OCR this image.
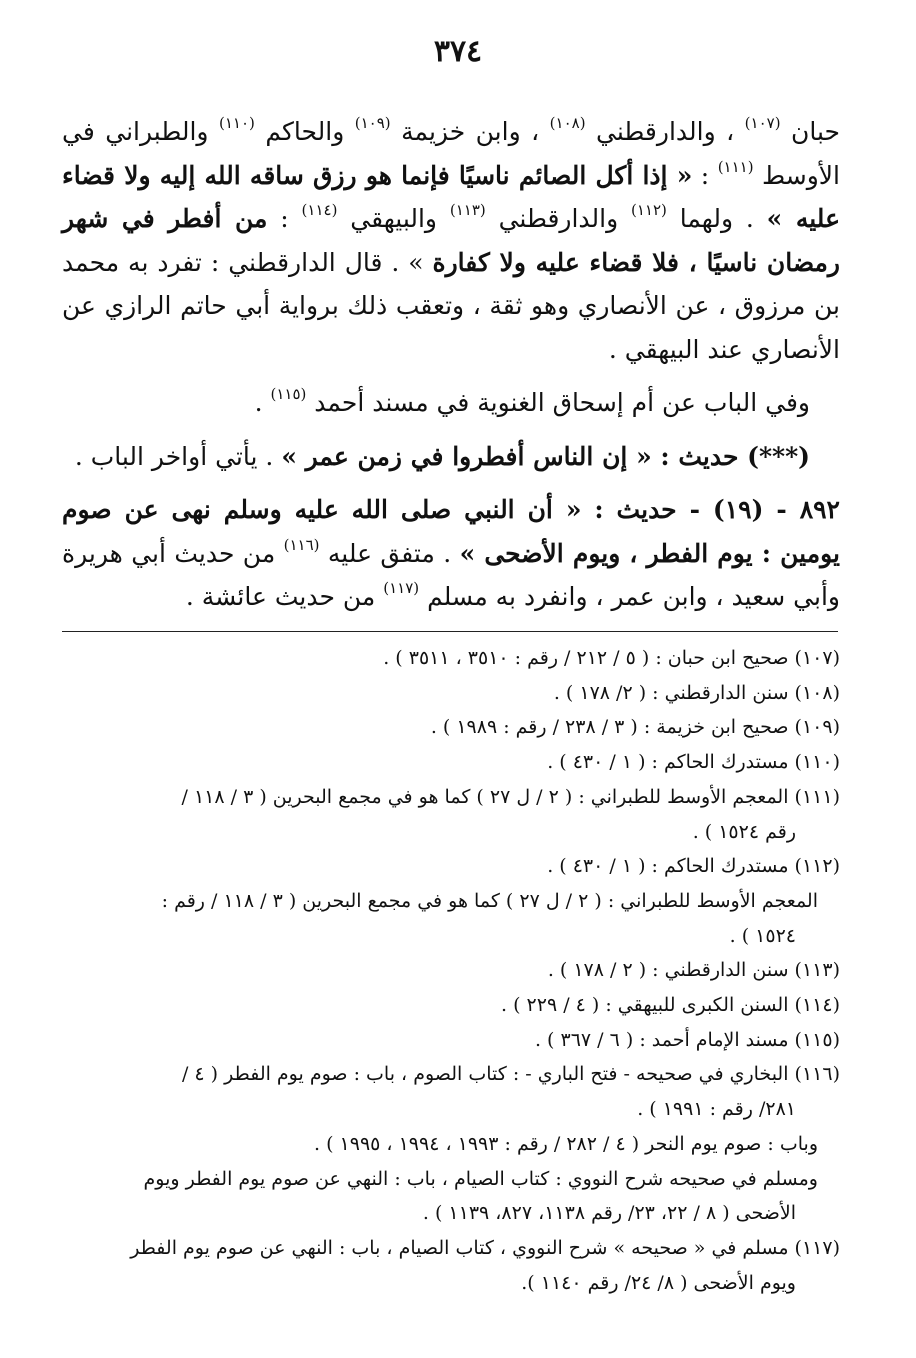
٣٧٤

حبان $^{(١٠٧)}$ ، والدارقطني $^{(١٠٨)}$ ، وابن خزيمة $^{(١٠٩)}$ والحاكم $^{(١١٠)}$ والطبراني في الأوسط $^{(١١١)}$ : « إذا أكل الصائم ناسيًا فإنما هو رزق ساقه الله إليه ولا قضاء عليه » . ولهما $^{(١١٢)}$ والدارقطني $^{(١١٣)}$ والبيهقي $^{(١١٤)}$ : من أفطر في شهر رمضان ناسيًا ، فلا قضاء عليه ولا كفارة » . قال الدارقطني : تفرد به محمد بن مرزوق ، عن الأنصاري وهو ثقة ، وتعقب ذلك برواية أبي حاتم الرازي عن الأنصاري عند البيهقي .

وفي الباب عن أم إسحاق الغنوية في مسند أحمد $^{(١١٥)}$ .

(***) حديث : « إن الناس أفطروا في زمن عمر » . يأتي أواخر الباب .

٨٩٢ - (١٩) - حديث : « أن النبي صلى الله عليه وسلم نهى عن صوم يومين : يوم الفطر ، ويوم الأضحى » . متفق عليه $^{(١١٦)}$ من حديث أبي هريرة وأبي سعيد ، وابن عمر ، وانفرد به مسلم $^{(١١٧)}$ من حديث عائشة .

(١٠٧) صحيح ابن حبان : ( ٥ / ٢١٢ / رقم : ٣٥١٠ ، ٣٥١١ ) .

(١٠٨) سنن الدارقطني : ( ٢/ ١٧٨ ) .

(١٠٩) صحيح ابن خزيمة : ( ٣ / ٢٣٨ / رقم : ١٩٨٩ ) .

(١١٠) مستدرك الحاكم : ( ١ / ٤٣٠ ) .

(١١١) المعجم الأوسط للطبراني : ( ٢ / ل ٢٧ ) كما هو في مجمع البحرين ( ٣ / ١١٨ /

رقم ١٥٢٤ ) .

(١١٢) مستدرك الحاكم : ( ١ / ٤٣٠ ) .

المعجم الأوسط للطبراني : ( ٢ / ل ٢٧ ) كما هو في مجمع البحرين ( ٣ / ١١٨ / رقم :

١٥٢٤ ) .

(١١٣) سنن الدارقطني : ( ٢ / ١٧٨ ) .

(١١٤) السنن الكبرى للبيهقي : ( ٤ / ٢٢٩ ) .

(١١٥) مسند الإمام أحمد : ( ٦ / ٣٦٧ ) .

(١١٦) البخاري في صحيحه - فتح الباري - : كتاب الصوم ، باب : صوم يوم الفطر ( ٤ /

٢٨١/ رقم : ١٩٩١ ) .

وباب : صوم يوم النحر ( ٤ / ٢٨٢ / رقم : ١٩٩٣ ، ١٩٩٤ ، ١٩٩٥ ) .

ومسلم في صحيحه شرح النووي : كتاب الصيام ، باب : النهي عن صوم يوم الفطر ويوم

الأضحى ( ٨ / ٢٢، ٢٣/ رقم ١١٣٨، ٨٢٧، ١١٣٩ ) .

(١١٧) مسلم في « صحيحه » شرح النووي ، كتاب الصيام ، باب : النهي عن صوم يوم الفطر

ويوم الأضحى ( ٨/ ٢٤/ رقم ١١٤٠ ).
